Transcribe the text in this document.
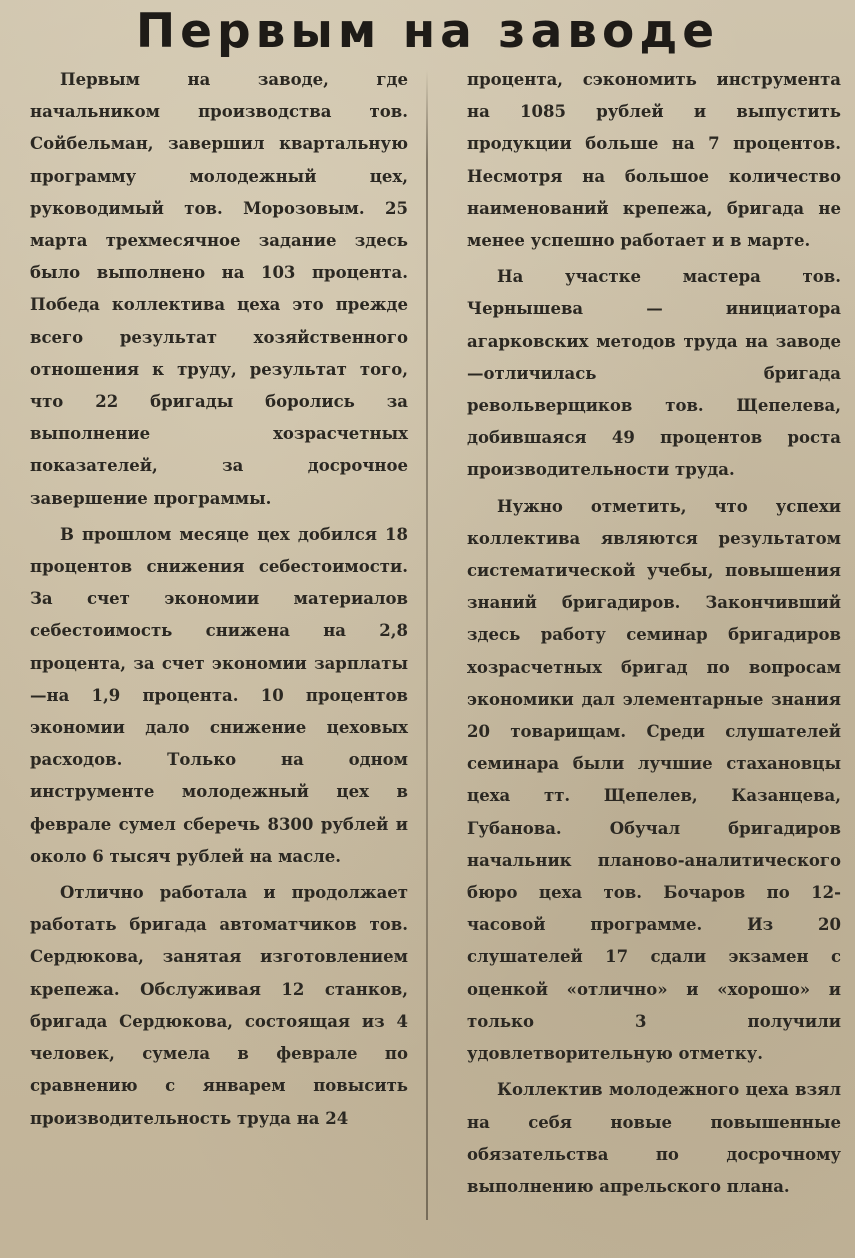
Первым на заводе

Первым на заводе, где начальником производства тов. Сойбельман, завершил квартальную программу молодежный цех, руководимый тов. Морозовым. 25 марта трехмесячное задание здесь было выполнено на 103 процента. Победа коллектива цеха это прежде всего результат хозяйственного отношения к труду, результат того, что 22 бригады боролись за выполнение хозрасчетных показателей, за досрочное завершение программы.

В прошлом месяце цех добился 18 процентов снижения себестоимости. За счет экономии материалов себестоимость снижена на 2,8 процента, за счет экономии зарплаты—на 1,9 процента. 10 процентов экономии дало снижение цеховых расходов. Только на одном инструменте молодежный цех в феврале сумел сберечь 8300 рублей и около 6 тысяч рублей на масле.

Отлично работала и продолжает работать бригада автоматчиков тов. Сердюкова, занятая изготовлением крепежа. Обслуживая 12 станков, бригада Сердюкова, состоящая из 4 человек, сумела в феврале по сравнению с январем повысить производительность труда на 24

процента, сэкономить инструмента на 1085 рублей и выпустить продукции больше на 7 процентов. Несмотря на большое количество наименований крепежа, бригада не менее успешно работает и в марте.

На участке мастера тов. Чернышева — инициатора агарковских методов труда на заводе—отличилась бригада револьверщиков тов. Щепелева, добившаяся 49 процентов роста производительности труда.

Нужно отметить, что успехи коллектива являются результатом систематической учебы, повышения знаний бригадиров. Закончивший здесь работу семинар бригадиров хозрасчетных бригад по вопросам экономики дал элементарные знания 20 товарищам. Среди слушателей семинара были лучшие стахановцы цеха тт. Щепелев, Казанцева, Губанова. Обучал бригадиров начальник планово-аналитического бюро цеха тов. Бочаров по 12-часовой программе. Из 20 слушателей 17 сдали экзамен с оценкой «отлично» и «хорошо» и только 3 получили удовлетворительную отметку.

Коллектив молодежного цеха взял на себя новые повышенные обязательства по досрочному выполнению апрельского плана.
